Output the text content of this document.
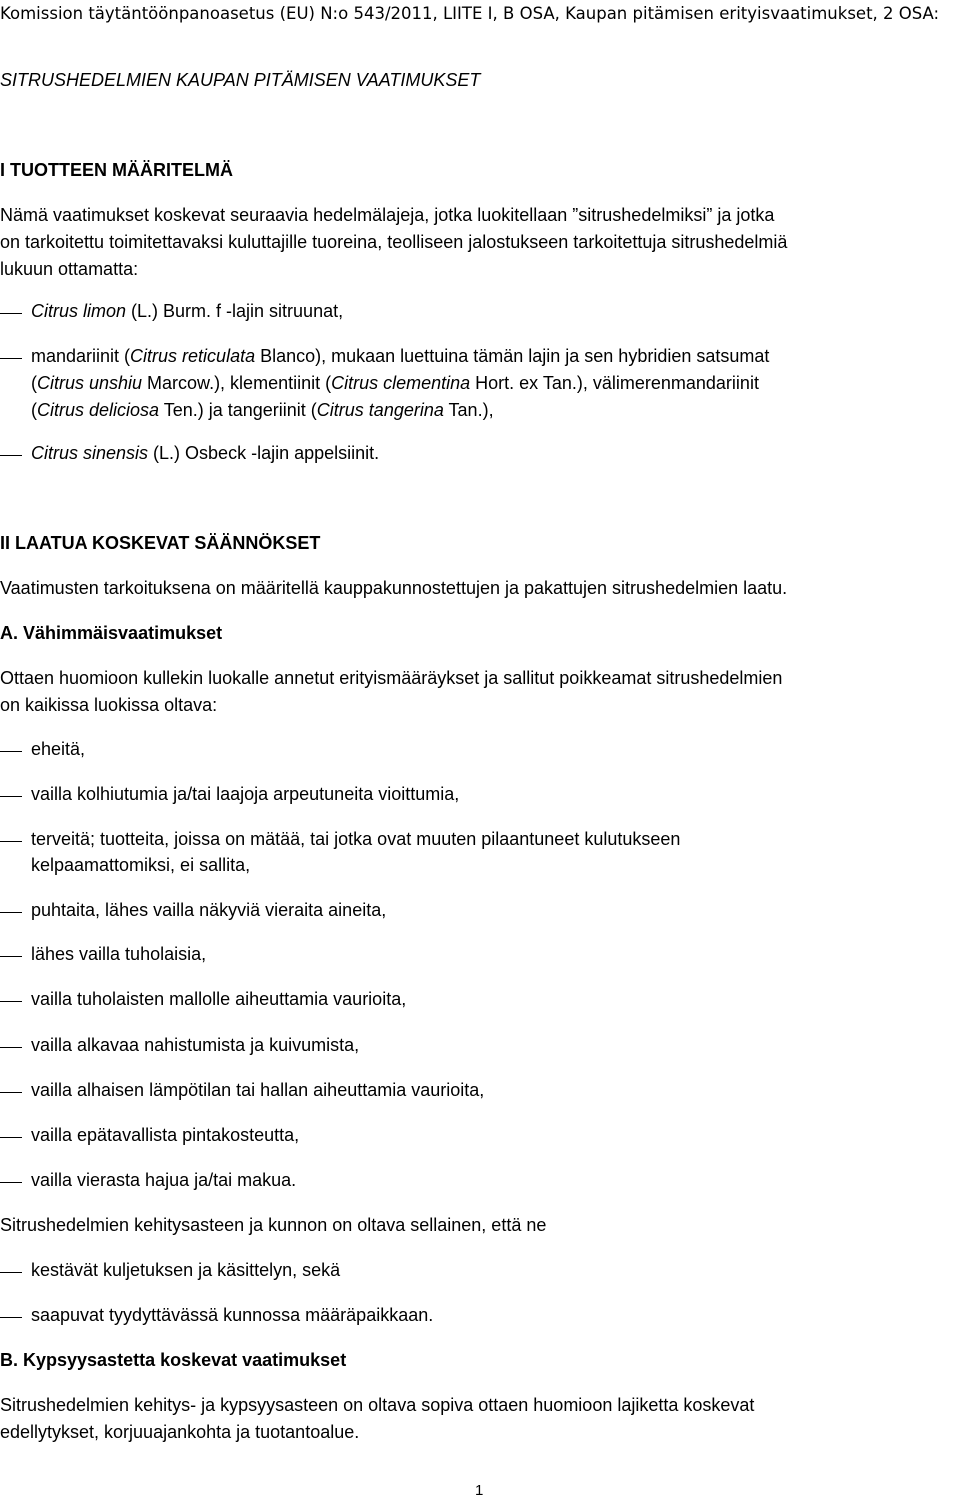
Komission täytäntöönpanoasetus (EU) N:o 543/2011, LIITE I, B OSA, Kaupan pitämisen erityisvaatimukset, 2 OSA:
SITRUSHEDELMIEN KAUPAN PITÄMISEN VAATIMUKSET
I TUOTTEEN MÄÄRITELMÄ
Nämä vaatimukset koskevat seuraavia hedelmälajeja, jotka luokitellaan ”sitrushedelmiksi” ja jotka
on tarkoitettu toimitettavaksi kuluttajille tuoreina, teolliseen jalostukseen tarkoitettuja sitrushedelmiä
lukuun ottamatta:
Citrus limon (L.) Burm. f -lajin sitruunat,
mandariinit (Citrus reticulata Blanco), mukaan luettuina tämän lajin ja sen hybridien satsumat
(Citrus unshiu Marcow.), klementiinit (Citrus clementina Hort. ex Tan.), välimerenmandariinit
(Citrus deliciosa Ten.) ja tangeriinit (Citrus tangerina Tan.),
Citrus sinensis (L.) Osbeck -lajin appelsiinit.
II LAATUA KOSKEVAT SÄÄNNÖKSET
Vaatimusten tarkoituksena on määritellä kauppakunnostettujen ja pakattujen sitrushedelmien laatu.
A. Vähimmäisvaatimukset
Ottaen huomioon kullekin luokalle annetut erityismääräykset ja sallitut poikkeamat sitrushedelmien
on kaikissa luokissa oltava:
eheitä,
vailla kolhiutumia ja/tai laajoja arpeutuneita vioittumia,
terveitä; tuotteita, joissa on mätää, tai jotka ovat muuten pilaantuneet kulutukseen
kelpaamattomiksi, ei sallita,
puhtaita, lähes vailla näkyviä vieraita aineita,
lähes vailla tuholaisia,
vailla tuholaisten mallolle aiheuttamia vaurioita,
vailla alkavaa nahistumista ja kuivumista,
vailla alhaisen lämpötilan tai hallan aiheuttamia vaurioita,
vailla epätavallista pintakosteutta,
vailla vierasta hajua ja/tai makua.
Sitrushedelmien kehitysasteen ja kunnon on oltava sellainen, että ne
kestävät kuljetuksen ja käsittelyn, sekä
saapuvat tyydyttävässä kunnossa määräpaikkaan.
B. Kypsyysastetta koskevat vaatimukset
Sitrushedelmien kehitys- ja kypsyysasteen on oltava sopiva ottaen huomioon lajiketta koskevat
edellytykset, korjuuajankohta ja tuotantoalue.
1
